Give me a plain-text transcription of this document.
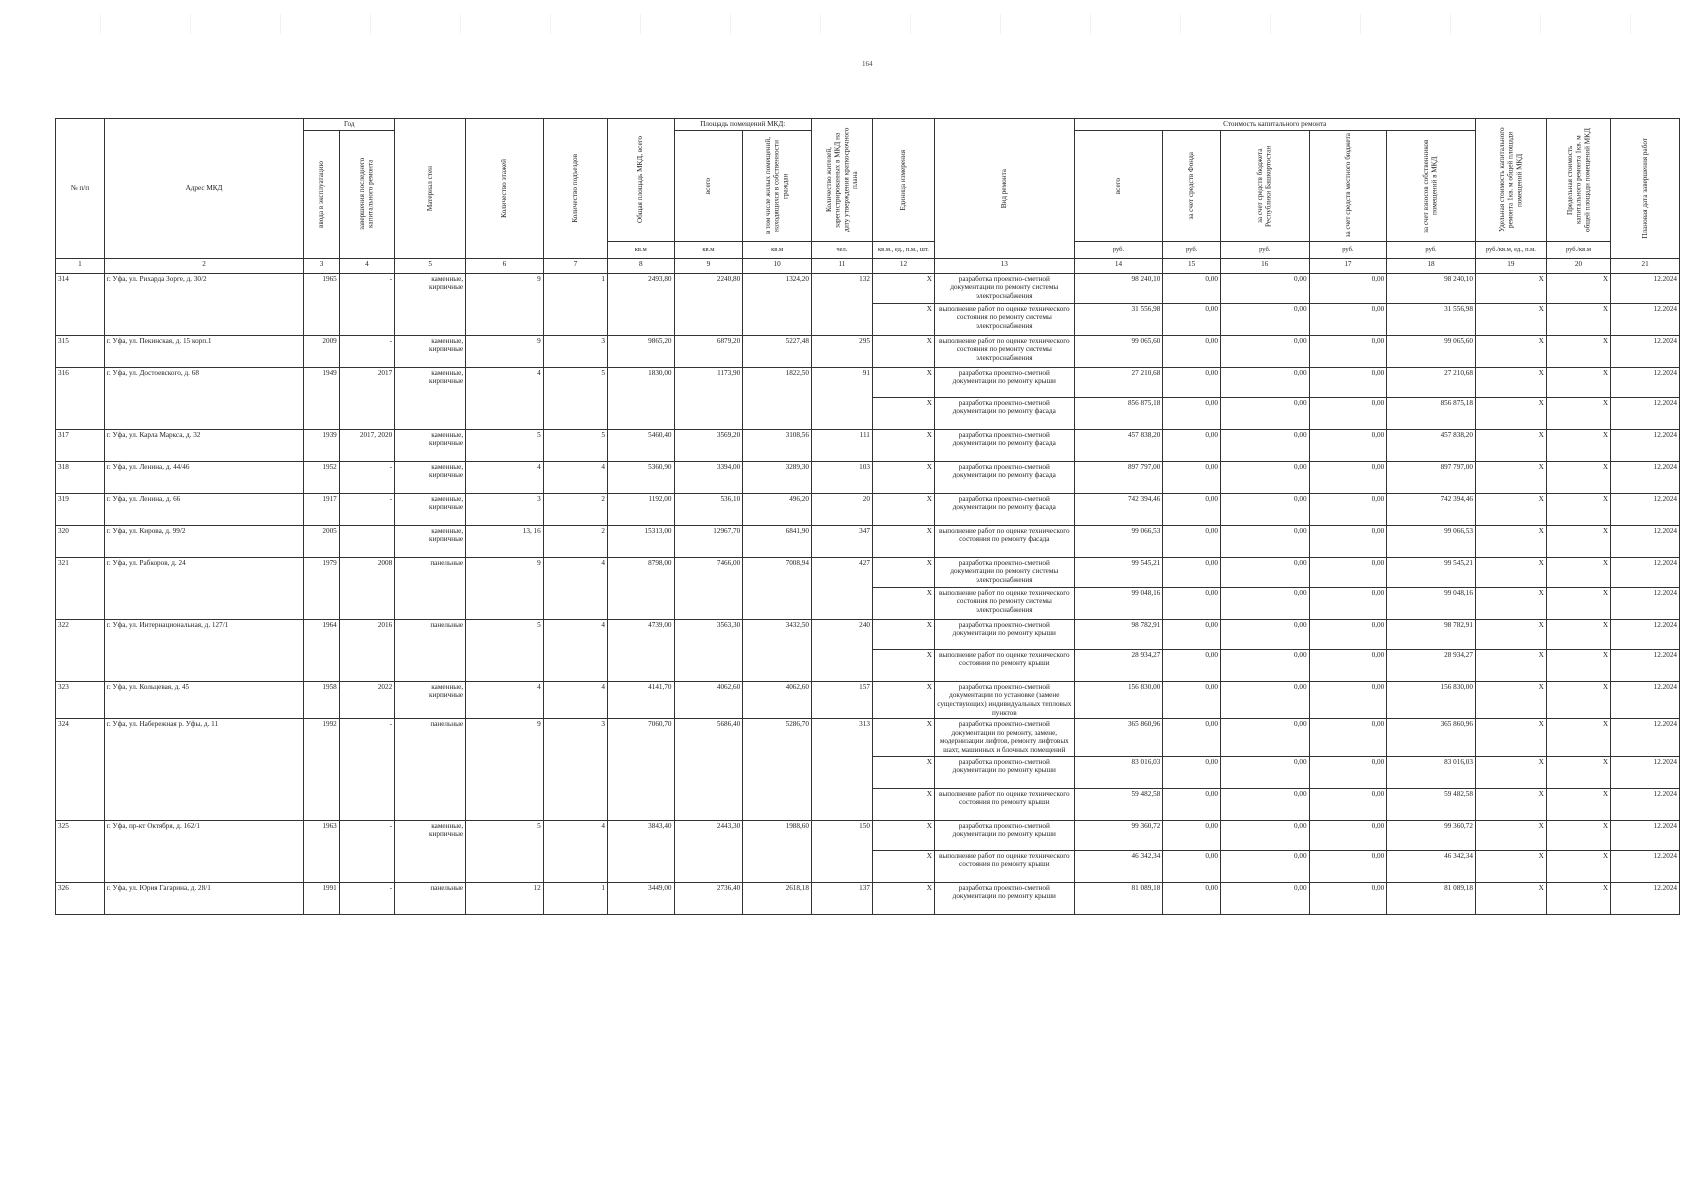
164
№ п/п	Адрес МКД	Год		Материал стен	Количество этажей	Количество подъездов	Общая площадь МКД, всего	Площадь помещений МКД:		Количество жителей, зарегистрированных в МКД на дату утверждения краткосрочного плана	Единица измерения	Вид ремонта	Стоимость капитального ремонта					Удельная стоимость капитального ремонта 1кв. м общей площади помещений МКД	Предельная стоимость капитального ремонта 1кв. м общей площади помещений МКД	Плановая дата завершения работ

		ввода в эксплуатацию	завершения последнего капитального ремонта					всего	в том числе жилых помещений, находящихся в собственности граждан				всего	за счет средств Фонда	за счет средств бюджета Республики Башкортостан	за счет средств местного бюджета	за счет взносов собственников помещений в МКД			

							кв.м	кв.м	кв.м	чел.	кв.м., ед., п.м., шт.		руб.	руб.	руб.	руб.	руб.	руб./кв.м, ед., п.м.	руб./кв.м	
1	2	3	4	5	6	7	8	9	10	11	12	13	14	15	16	17	18	19	20	21
314	г. Уфа, ул. Рихарда Зорге, д. 30/2	1965	-	каменные, кирпичные	9	1	2493,80	2240,80	1324,20	132	X	разработка проектно-сметной документации по ремонту системы электроснабжения	98 240,10	0,00	0,00	0,00	98 240,10	X	X	12.2024
											X	выполнение работ по оценке технического состояния по ремонту системы электроснабжения	31 556,98	0,00	0,00	0,00	31 556,98	X	X	12.2024
315	г. Уфа, ул. Пекинская, д. 15 корп.1	2009	-	каменные, кирпичные	9	3	9865,20	6879,20	5227,48	295	X	выполнение работ по оценке технического состояния по ремонту системы электроснабжения	99 065,60	0,00	0,00	0,00	99 065,60	X	X	12.2024
316	г. Уфа, ул. Достоевского, д. 68	1949	2017	каменные, кирпичные	4	5	1830,00	1173,90	1822,50	91	X	разработка проектно-сметной документации по ремонту крыши	27 210,68	0,00	0,00	0,00	27 210,68	X	X	12.2024
											X	разработка проектно-сметной документации по ремонту фасада	856 875,18	0,00	0,00	0,00	856 875,18	X	X	12.2024
317	г. Уфа, ул. Карла Маркса, д. 32	1939	2017, 2020	каменные, кирпичные	5	5	5460,40	3569,20	3108,56	111	X	разработка проектно-сметной документации по ремонту фасада	457 838,20	0,00	0,00	0,00	457 838,20	X	X	12.2024
318	г. Уфа, ул. Ленина, д. 44/46	1952	-	каменные, кирпичные	4	4	5360,90	3394,00	3289,30	103	X	разработка проектно-сметной документации по ремонту фасада	897 797,00	0,00	0,00	0,00	897 797,00	X	X	12.2024
319	г. Уфа, ул. Ленина, д. 66	1917	-	каменные, кирпичные	3	2	1192,00	536,10	496,20	20	X	разработка проектно-сметной документации по ремонту фасада	742 394,46	0,00	0,00	0,00	742 394,46	X	X	12.2024
320	г. Уфа, ул. Кирова, д. 99/2	2005		каменные, кирпичные	13, 16	2	15313,00	12967,70	6841,90	347	X	выполнение работ по оценке технического состояния по ремонту фасада	99 066,53	0,00	0,00	0,00	99 066,53	X	X	12.2024
321	г. Уфа, ул. Рабкоров, д. 24	1979	2008	панельные	9	4	8798,00	7466,00	7008,94	427	X	разработка проектно-сметной документации по ремонту системы электроснабжения	99 545,21	0,00	0,00	0,00	99 545,21	X	X	12.2024
											X	выполнение работ по оценке технического состояния по ремонту системы электроснабжения	99 048,16	0,00	0,00	0,00	99 048,16	X	X	12.2024
322	г. Уфа, ул. Интернациональная, д. 127/1	1964	2016	панельные	5	4	4739,00	3563,30	3432,50	240	X	разработка проектно-сметной документации по ремонту крыши	98 782,91	0,00	0,00	0,00	98 782,91	X	X	12.2024
											X	выполнение работ по оценке технического состояния по ремонту крыши	28 934,27	0,00	0,00	0,00	28 934,27	X	X	12.2024
323	г. Уфа, ул. Кольцевая, д. 45	1958	2022	каменные, кирпичные	4	4	4141,70	4062,60	4062,60	157	X	разработка проектно-сметной документации по установке (замене существующих) индивидуальных тепловых пунктов	156 830,00	0,00	0,00	0,00	156 830,00	X	X	12.2024
324	г. Уфа, ул. Набережная р. Уфы, д. 11	1992	-	панельные	9	3	7060,70	5686,40	5286,70	313	X	разработка проектно-сметной документации по ремонту, замене, модернизации лифтов, ремонту лифтовых шахт, машинных и блочных помещений	365 860,96	0,00	0,00	0,00	365 860,96	X	X	12.2024
											X	разработка проектно-сметной документации по ремонту крыши	83 016,03	0,00	0,00	0,00	83 016,03	X	X	12.2024
											X	выполнение работ по оценке технического состояния по ремонту крыши	59 482,58	0,00	0,00	0,00	59 482,58	X	X	12.2024
325	г. Уфа, пр-кт Октября, д. 162/1	1963	-	каменные, кирпичные	5	4	3843,40	2443,30	1988,60	150	X	разработка проектно-сметной документации по ремонту крыши	99 360,72	0,00	0,00	0,00	99 360,72	X	X	12.2024
											X	выполнение работ по оценке технического состояния по ремонту крыши	46 342,34	0,00	0,00	0,00	46 342,34	X	X	12.2024
326	г. Уфа, ул. Юрия Гагарина, д. 28/1	1991	-	панельные	12	1	3449,00	2736,40	2618,18	137	X	разработка проектно-сметной документации по ремонту крыши	81 089,18	0,00	0,00	0,00	81 089,18	X	X	12.2024
